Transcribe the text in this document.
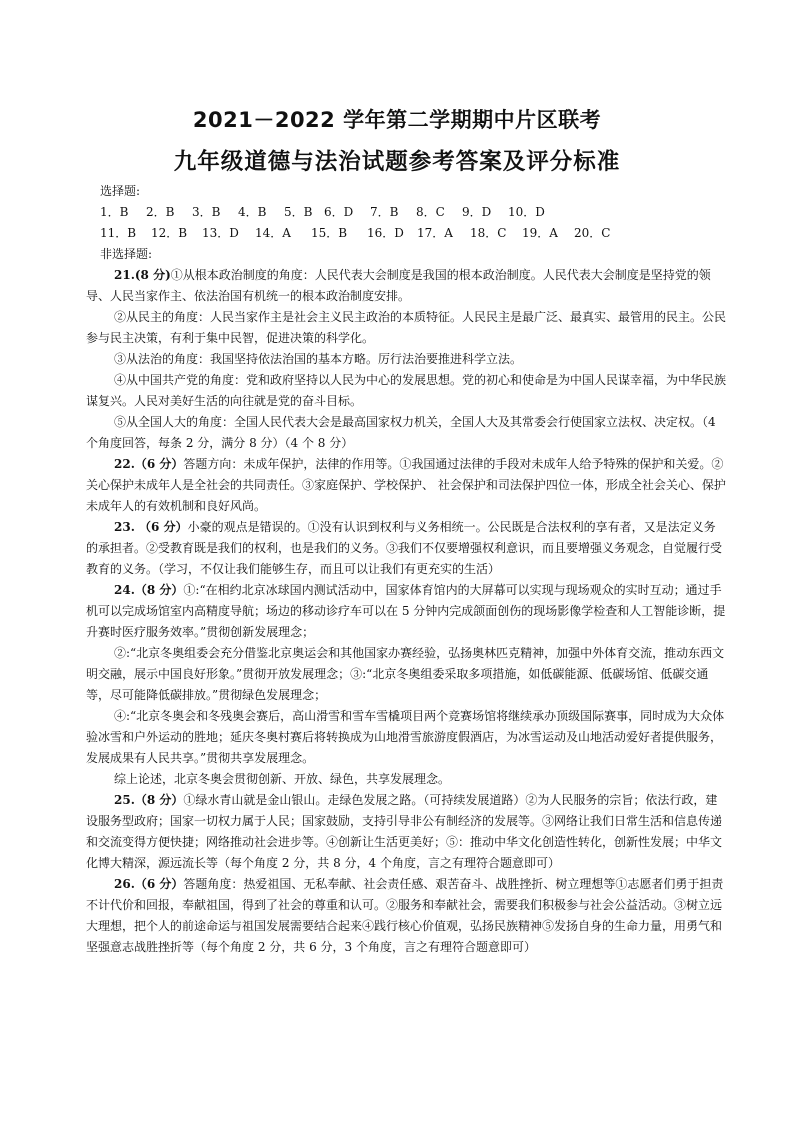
2021－2022 学年第二学期期中片区联考
九年级道德与法治试题参考答案及评分标准
选择题:
1．B	2．B	3．B	4．B	5．B 6．D	7．B	8．C	9．D	10．D
11．B	12．B	13．D	14．A	15．B	16．D	17．A	18．C	19．A	20．C
非选择题:
21.(8 分)①从根本政治制度的角度：人民代表大会制度是我国的根本政治制度。人民代表大会制度是坚持党的领导、人民当家作主、依法治国有机统一的根本政治制度安排。
②从民主的角度：人民当家作主是社会主义民主政治的本质特征。人民民主是最广泛、最真实、最管用的民主。公民参与民主决策，有利于集中民智，促进决策的科学化。
③从法治的角度：我国坚持依法治国的基本方略。厉行法治要推进科学立法。
④从中国共产党的角度：党和政府坚持以人民为中心的发展思想。党的初心和使命是为中国人民谋幸福，为中华民族谋复兴。人民对美好生活的向往就是党的奋斗目标。
⑤从全国人大的角度：全国人民代表大会是最高国家权力机关，全国人大及其常委会行使国家立法权、决定权。（4 个角度回答，每条 2 分，满分 8 分）（4 个 8 分）
22.（6 分）答题方向：未成年保护，法律的作用等。①我国通过法律的手段对未成年人给予特殊的保护和关爱。②关心保护未成年人是全社会的共同责任。③家庭保护、学校保护、 社会保护和司法保护四位一体，形成全社会关心、保护未成年人的有效机制和良好风尚。
23. （6 分）小豪的观点是错误的。①没有认识到权利与义务相统一。公民既是合法权利的享有者，又是法定义务的承担者。②受教育既是我们的权利，也是我们的义务。③我们不仅要增强权利意识，而且要增强义务观念，自觉履行受教育的义务。（学习，不仅让我们能够生存，而且可以让我们有更充实的生活）
24.（8 分）①:“在相约北京冰球国内测试活动中，国家体育馆内的大屏幕可以实现与现场观众的实时互动；通过手机可以完成场馆室内高精度导航；场边的移动诊疗车可以在 5 分钟内完成颌面创伤的现场影像学检查和人工智能诊断，提升赛时医疗服务效率。”贯彻创新发展理念；
②:“北京冬奥组委会充分借鉴北京奥运会和其他国家办赛经验，弘扬奥林匹克精神，加强中外体育交流，推动东西文明交融，展示中国良好形象。”贯彻开放发展理念；③:“北京冬奥组委采取多项措施，如低碳能源、低碳场馆、低碳交通等，尽可能降低碳排放。”贯彻绿色发展理念；
④:“北京冬奥会和冬残奥会赛后，高山滑雪和雪车雪橇项目两个竞赛场馆将继续承办顶级国际赛事，同时成为大众体验冰雪和户外运动的胜地；延庆冬奥村赛后将转换成为山地滑雪旅游度假酒店，为冰雪运动及山地活动爱好者提供服务，发展成果有人民共享。”贯彻共享发展理念。
综上论述，北京冬奥会贯彻创新、开放、绿色，共享发展理念。
25.（8 分）①绿水青山就是金山银山。走绿色发展之路。（可持续发展道路）②为人民服务的宗旨；依法行政，建设服务型政府；国家一切权力属于人民；国家鼓励，支持引导非公有制经济的发展等。③网络让我们日常生活和信息传递和交流变得方便快捷；网络推动社会进步等。④创新让生活更美好；⑤：推动中华文化创造性转化，创新性发展；中华文化博大精深，源远流长等（每个角度 2 分，共 8 分，4 个角度，言之有理符合题意即可）
26.（6 分）答题角度：热爱祖国、无私奉献、社会责任感、艰苦奋斗、战胜挫折、树立理想等①志愿者们勇于担责不计代价和回报，奉献祖国，得到了社会的尊重和认可。②服务和奉献社会，需要我们积极参与社会公益活动。③树立远大理想，把个人的前途命运与祖国发展需要结合起来④践行核心价值观，弘扬民族精神⑤发扬自身的生命力量，用勇气和坚强意志战胜挫折等（每个角度 2 分，共 6 分，3 个角度，言之有理符合题意即可）
